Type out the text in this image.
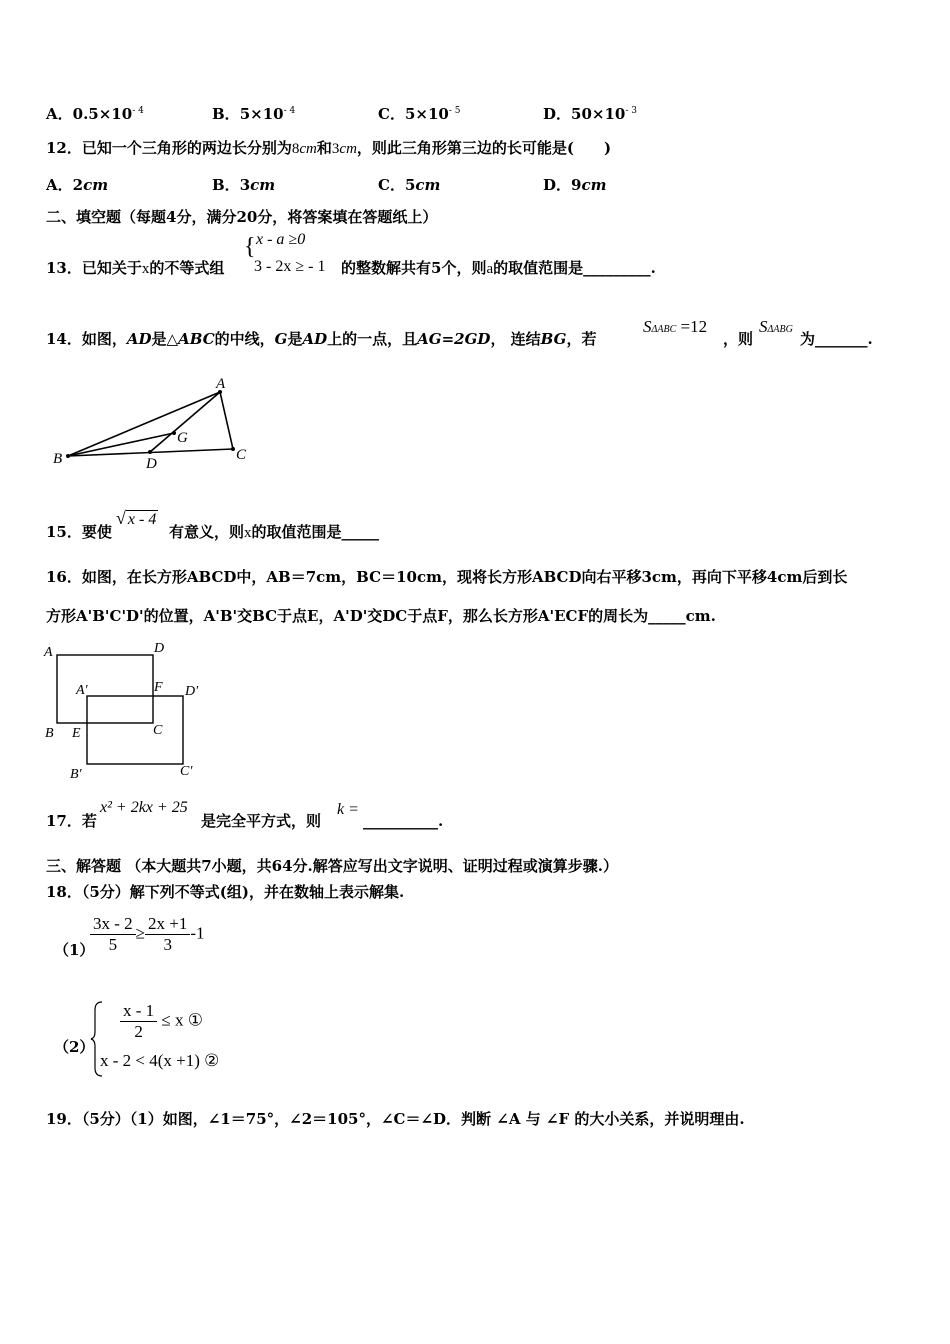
A．$0.5\times 10^{- 4}$	B．$5\times 10^{- 4}$	C．$5\times 10^{- 5}$	D．$50\times 10^{- 3}$
12．已知一个三角形的两边长分别为8cm和3cm，则此三角形第三边的长可能是(　　)
A．2cm	B．3cm	C．5cm	D．9cm
二、填空题（每题4分，满分20分，将答案填在答题纸上）
13．已知关于x的不等式组
{ x - a ≥0
3 - 2x ≥ - 1 的整数解共有5个，则a的取值范围是_________.
14．如图，AD是△ABC的中线，G是AD上的一点，且AG=2GD， 连结BG，若
SΔABC =12
，则
SΔABG
为_______.
A
B	C
D
G
15．要使
√ x - 4
有意义，则x的取值范围是_____
16．如图，在长方形ABCD中，AB＝7cm，BC＝10cm，现将长方形ABCD向右平移3cm，再向下平移4cm后到长
方形A'B'C'D'的位置，A'B'交BC于点E，A'D'交DC于点F，那么长方形A'ECF的周长为_____cm.
A	D
A′	F D′
B E	C
B′	C′
17．若
x² + 2kx + 25
是完全平方式，则
k =
__________.
三、解答题 （本大题共7小题，共64分.解答应写出文字说明、证明过程或演算步骤.）
18．（5分）解下列不等式(组)，并在数轴上表示解集.
（1）
$\frac{3x - 2}{5} \ge \frac{2x +1}{3} -1$
（2）
$\frac{x - 1}{2} \le x$ ①
x - 2 < 4(x +1) ②
19．（5分）（1）如图，∠1＝75°，∠2＝105°，∠C＝∠D．判断 ∠A 与 ∠F 的大小关系，并说明理由.
